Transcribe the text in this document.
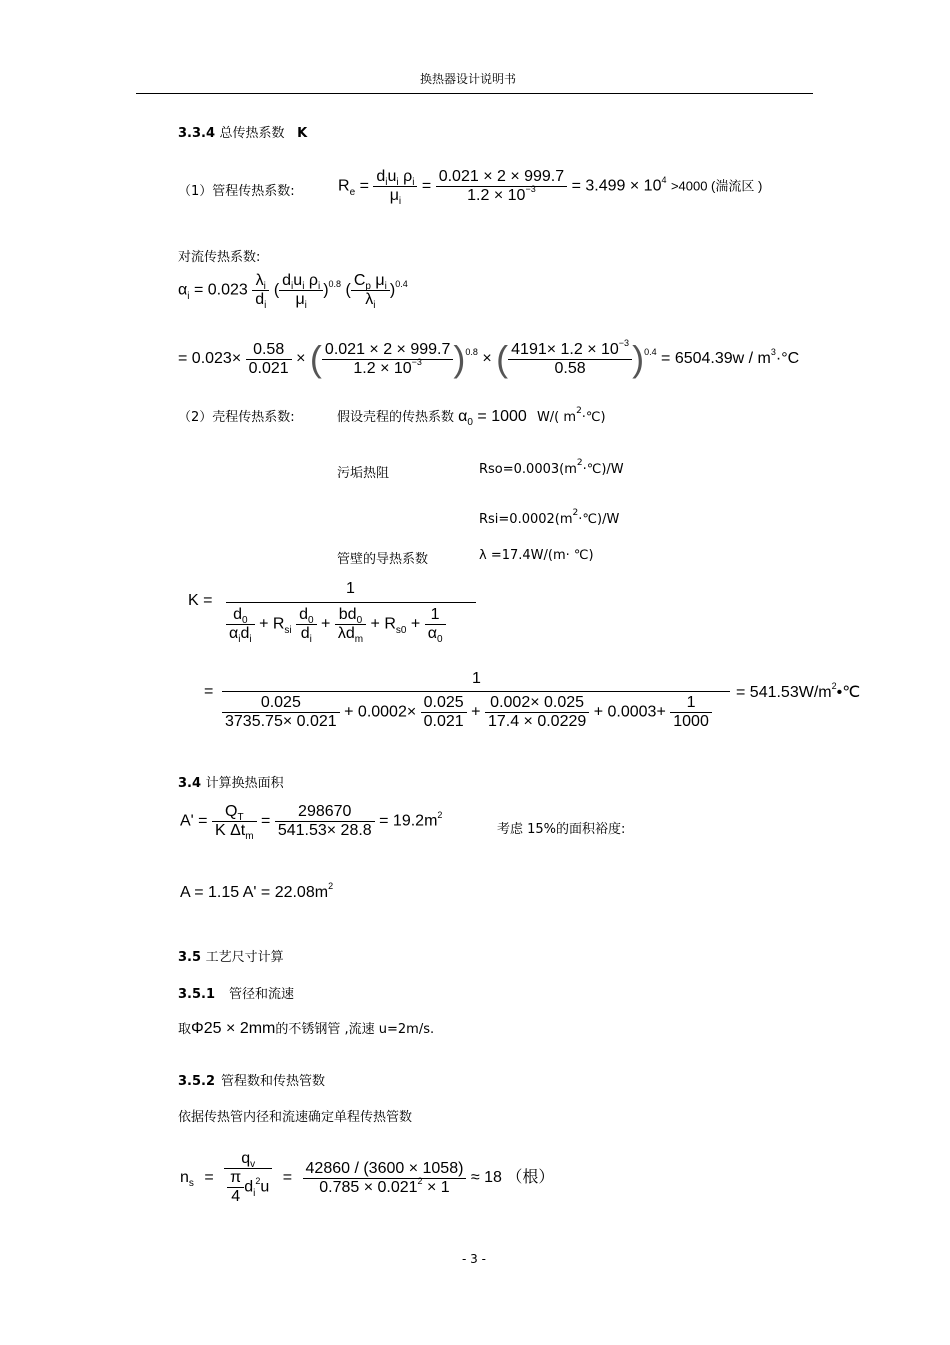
换热器设计说明书
3.3.4 总传热系数 K
（1）管程传热系数:	$R_e = \frac{d_iu_i \rho_i}{\mu_i} = \frac{0.021 \times 2 \times 999.7}{1.2 \times 10^{-3}} = 3.499 \times 10^4 >4000$ (湍流区 )
对流传热系数:
$\alpha_i = 0.023 \frac{\lambda_i}{d_i}$ ( $\frac{d_iu_i \rho_i}{\mu_i} )^{0.8}$ ( $\frac{C_p \mu_i}{\lambda_i} )^{0.4}$
= $0.023\times \frac{0.58}{0.021}$ × ( $\frac{0.021 \times 2 \times 999.7}{1.2 \times 10^{-3}} )^{0.8}$ × ( $\frac{4191\times 1.2 \times 10^{-3}}{0.58} )^{0.4} = 6504.39w / m^3\cdot^\circ C$
（2）壳程传热系数:	假设壳程的传热系数 $\alpha_0 = 1000$ W/( $m^2\cdot℃$)
污垢热阻	$Rso=0.0003(m^2\cdot℃)/W$
$Rsi=0.0002(m^2\cdot℃)/W$
管壁的导热系数	λ =17.4W/(m· ℃)
K =
1
$\frac{d_0}{\alpha_id_i} + R_{si} \frac{d_0}{d_i} + \frac{bd_0}{\lambda d_m} + R_{s0} + \frac{1}{\alpha_0}$
=
1
$\frac{0.025}{3735.75\times 0.021} + 0.0002\times \frac{0.025}{0.021} + \frac{0.002\times 0.025}{17.4 \times 0.0229} + 0.0003+ \frac{1}{1000}$
= $541.53W/m^2•℃$
3.4 计算换热面积
$A' = \frac{Q_T}{K \Delta t_m} = \frac{298670}{541.53\times 28.8} = 19.2m^2$
考虑 15%的面积裕度:
A = 1.15 $A' = 22.08m^2$
3.5 工艺尺寸计算
3.5.1 管径和流速
取Φ25 × 2mm的不锈钢管 ,流速 u=2m/s.
3.5.2 管程数和传热管数
依据传热管内径和流速确定单程传热管数
$n_s = \frac{q_v}{\frac{\pi}{4} d_i^2u} = \frac{42860 / (3600 \times 1058)}{0.785 \times 0.021^2 \times 1} \approx 18$ （根）
- 3 -
